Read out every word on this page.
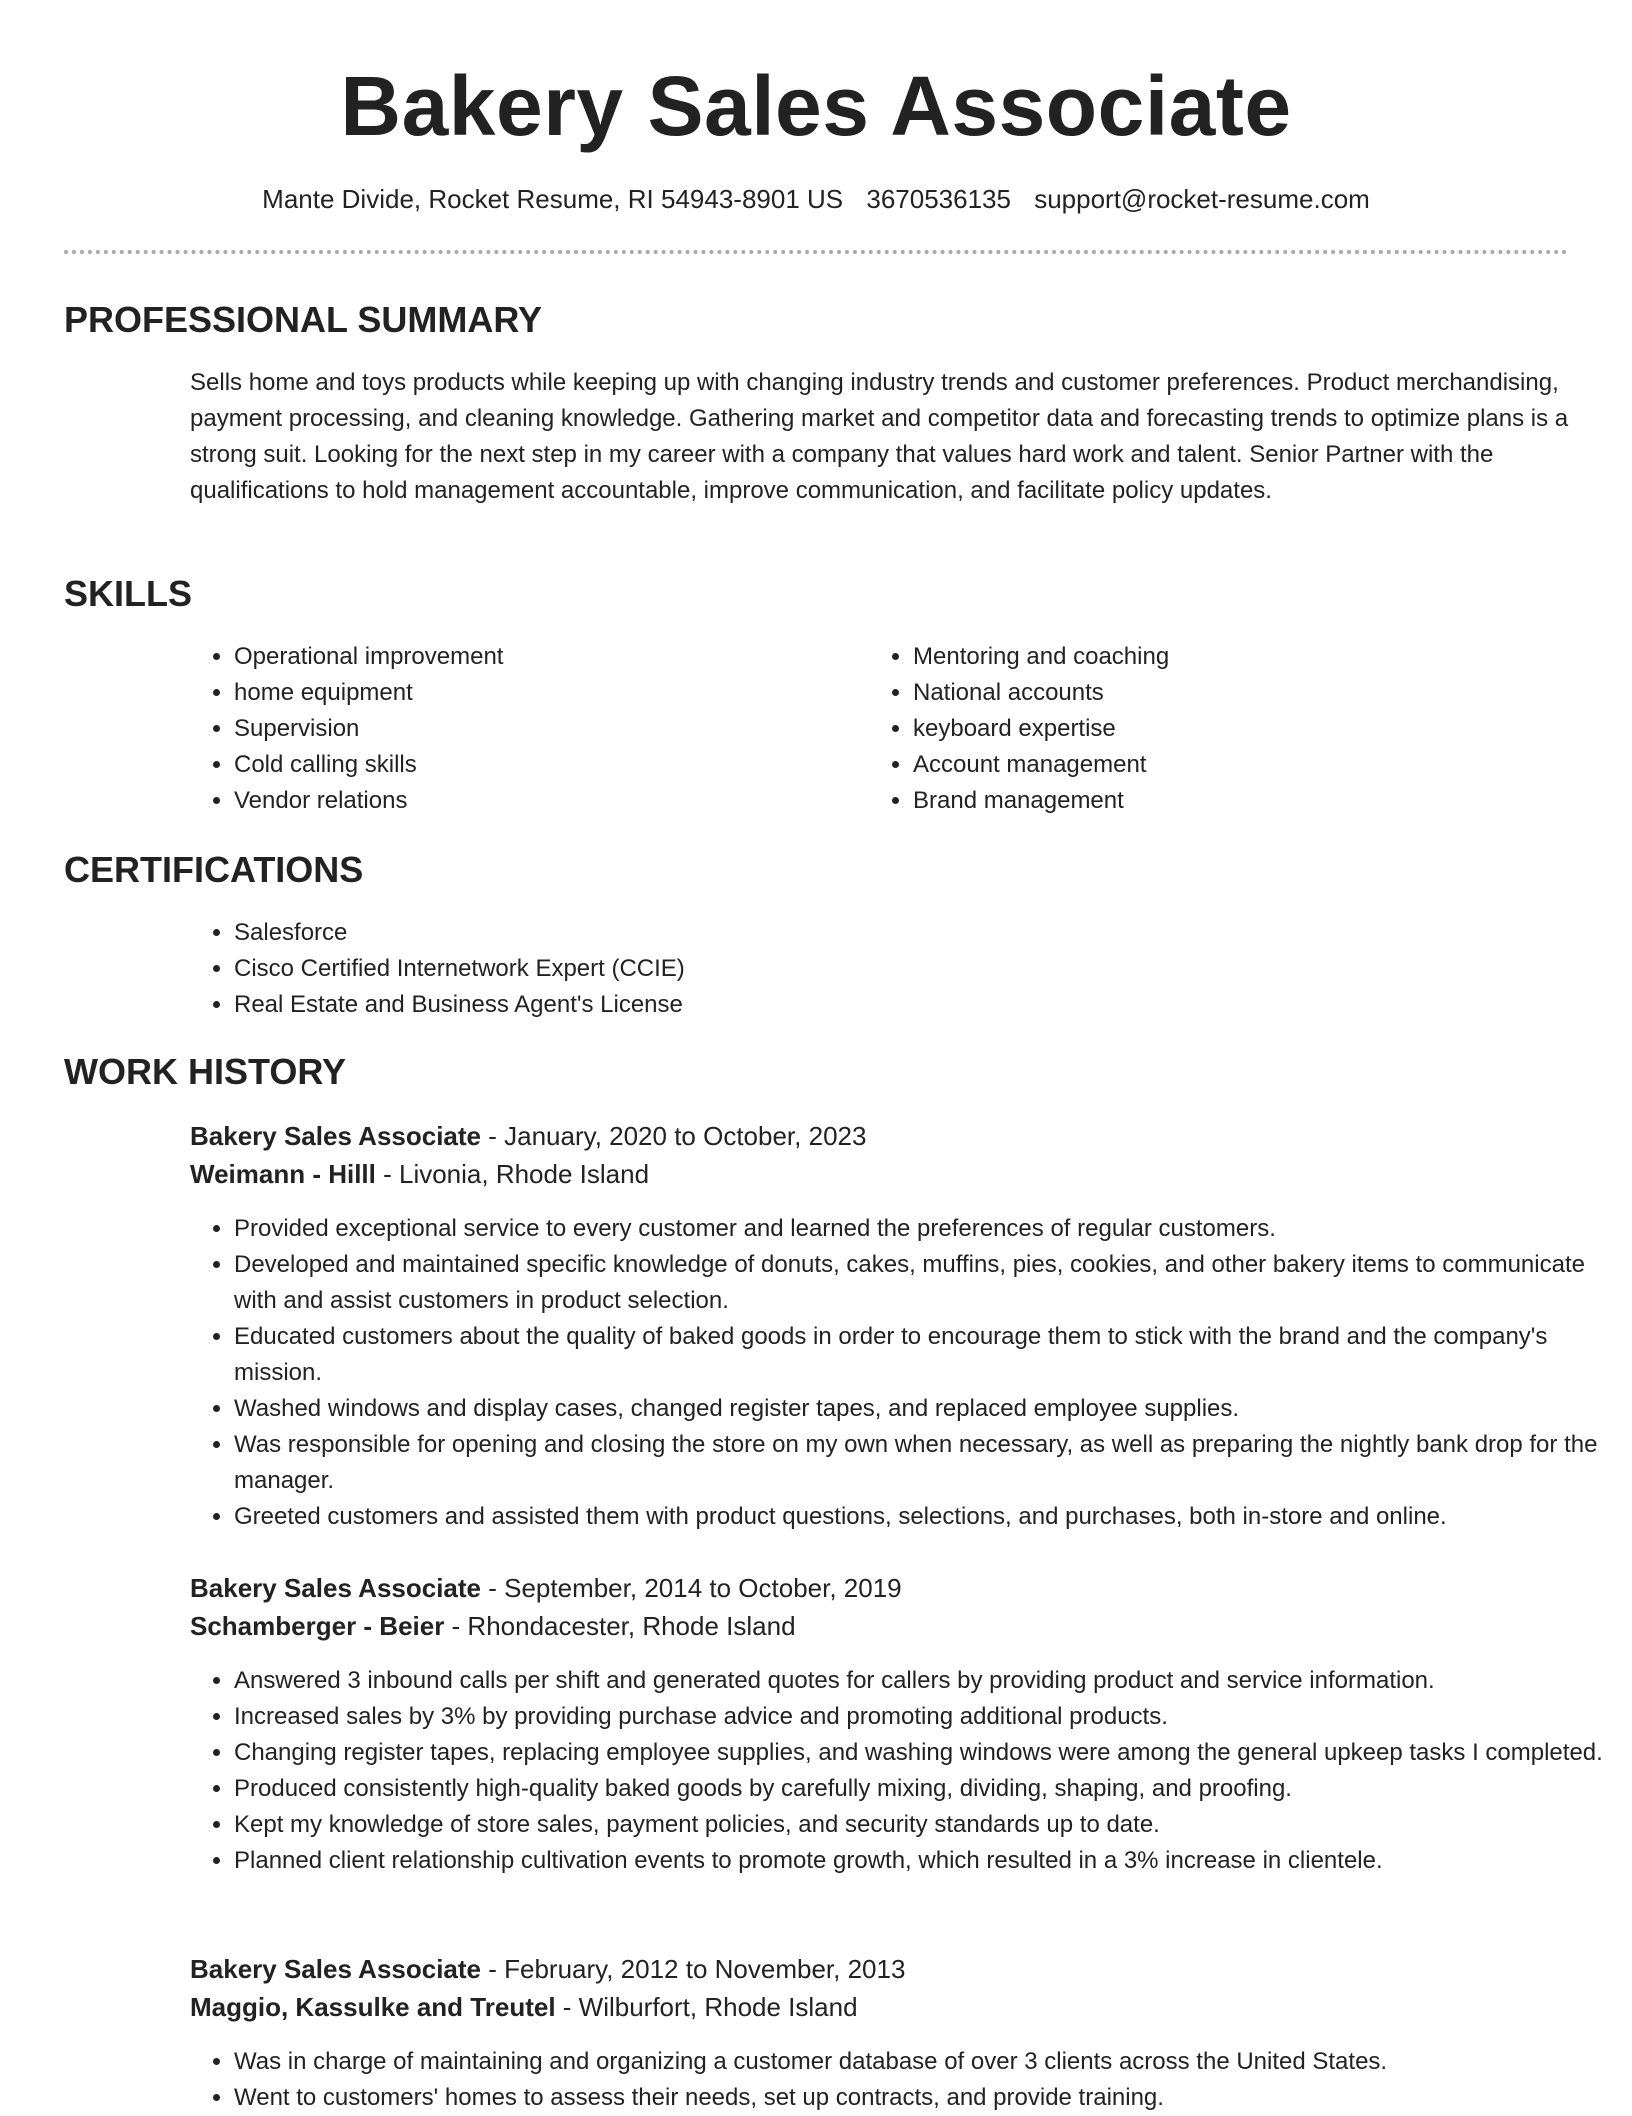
Bakery Sales Associate
Mante Divide, Rocket Resume, RI 54943-8901 US 3670536135 support@rocket-resume.com
PROFESSIONAL SUMMARY
Sells home and toys products while keeping up with changing industry trends and customer preferences. Product merchandising, payment processing, and cleaning knowledge. Gathering market and competitor data and forecasting trends to optimize plans is a strong suit. Looking for the next step in my career with a company that values hard work and talent. Senior Partner with the qualifications to hold management accountable, improve communication, and facilitate policy updates.
SKILLS
• Operational improvement
• home equipment
• Supervision
• Cold calling skills
• Vendor relations
• Mentoring and coaching
• National accounts
• keyboard expertise
• Account management
• Brand management
CERTIFICATIONS
• Salesforce
• Cisco Certified Internetwork Expert (CCIE)
• Real Estate and Business Agent's License
WORK HISTORY
Bakery Sales Associate - January, 2020 to October, 2023
Weimann - Hilll - Livonia, Rhode Island
• Provided exceptional service to every customer and learned the preferences of regular customers.
• Developed and maintained specific knowledge of donuts, cakes, muffins, pies, cookies, and other bakery items to communicate with and assist customers in product selection.
• Educated customers about the quality of baked goods in order to encourage them to stick with the brand and the company's mission.
• Washed windows and display cases, changed register tapes, and replaced employee supplies.
• Was responsible for opening and closing the store on my own when necessary, as well as preparing the nightly bank drop for the manager.
• Greeted customers and assisted them with product questions, selections, and purchases, both in-store and online.
Bakery Sales Associate - September, 2014 to October, 2019
Schamberger - Beier - Rhondacester, Rhode Island
• Answered 3 inbound calls per shift and generated quotes for callers by providing product and service information.
• Increased sales by 3% by providing purchase advice and promoting additional products.
• Changing register tapes, replacing employee supplies, and washing windows were among the general upkeep tasks I completed.
• Produced consistently high-quality baked goods by carefully mixing, dividing, shaping, and proofing.
• Kept my knowledge of store sales, payment policies, and security standards up to date.
• Planned client relationship cultivation events to promote growth, which resulted in a 3% increase in clientele.
Bakery Sales Associate - February, 2012 to November, 2013
Maggio, Kassulke and Treutel - Wilburfort, Rhode Island
• Was in charge of maintaining and organizing a customer database of over 3 clients across the United States.
• Went to customers' homes to assess their needs, set up contracts, and provide training.
